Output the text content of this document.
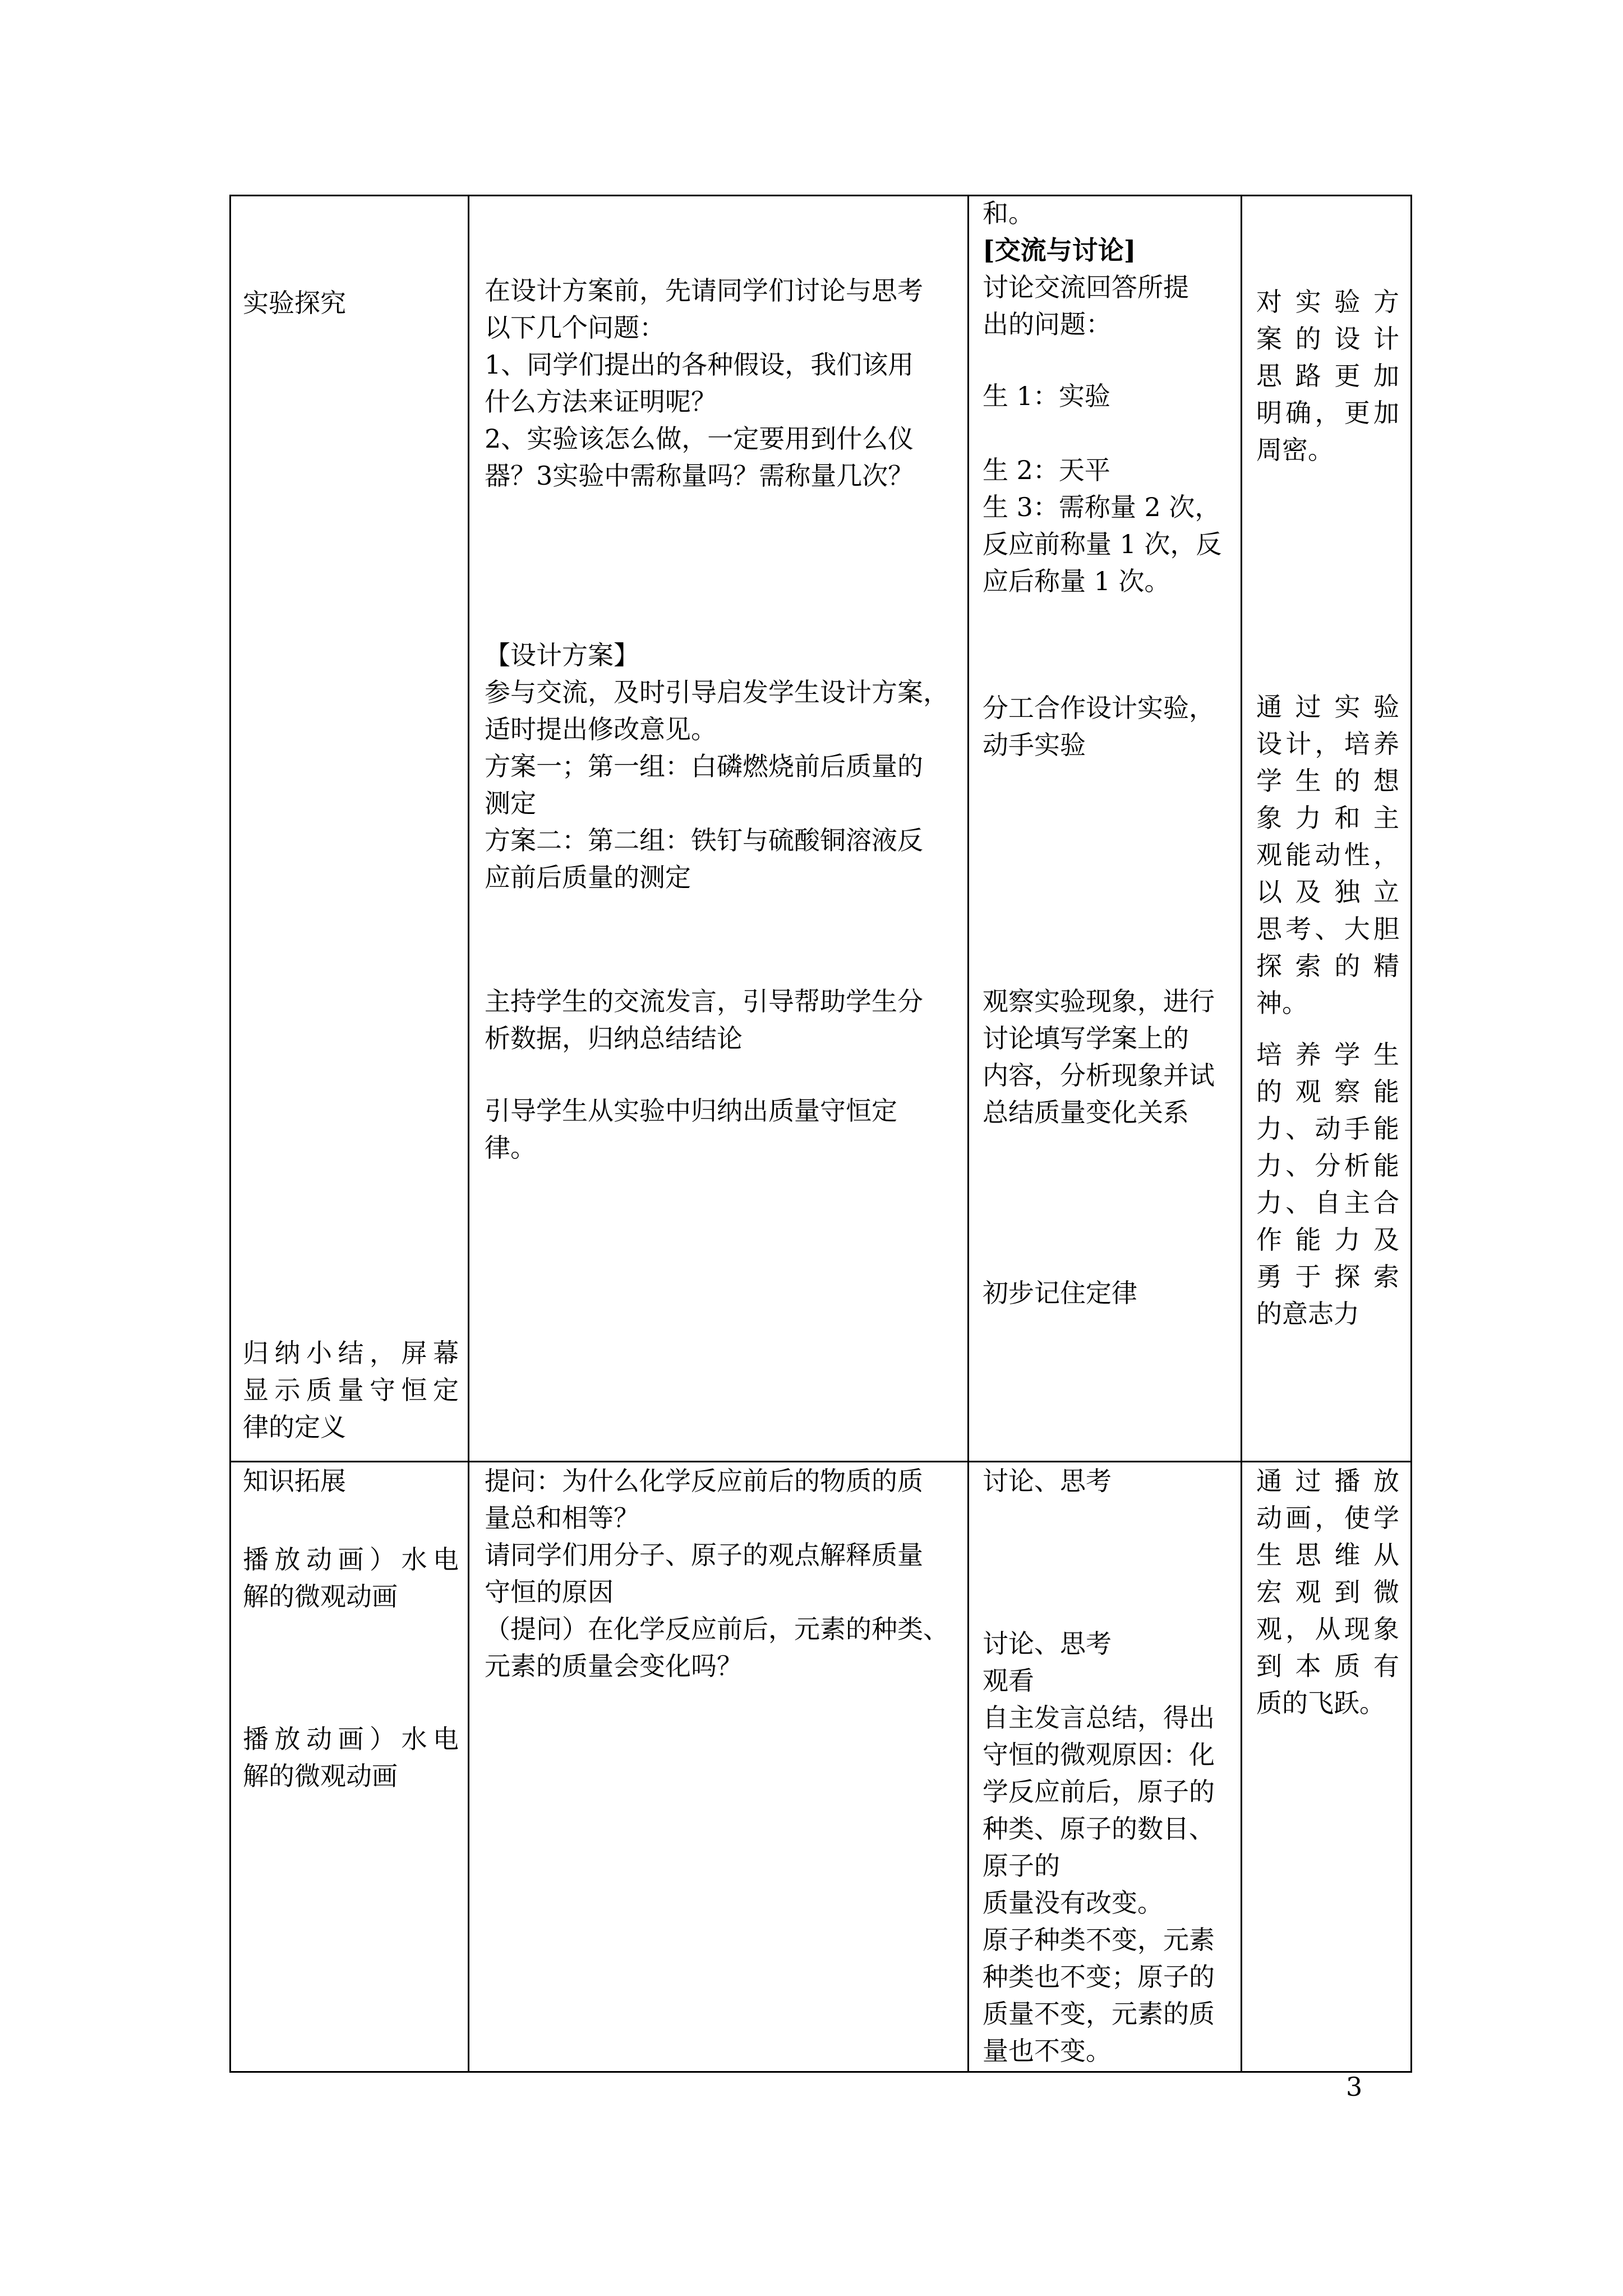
实验探究

归纳小结，屏幕

显示质量守恒定

律的定义

在设计方案前，先请同学们讨论与思考

以下几个问题：

1、同学们提出的各种假设，我们该用

什么方法来证明呢？

2、实验该怎么做，一定要用到什么仪

器？3实验中需称量吗？需称量几次？

【设计方案】

参与交流，及时引导启发学生设计方案，

适时提出修改意见。

方案一；第一组：白磷燃烧前后质量的

测定

方案二：第二组：铁钉与硫酸铜溶液反

应前后质量的测定

主持学生的交流发言，引导帮助学生分

析数据，归纳总结结论

引导学生从实验中归纳出质量守恒定

律。

和。

[交流与讨论]

讨论交流回答所提

出的问题：

生 1：实验

生 2：天平

生 3：需称量 2 次，

反应前称量 1 次，反

应后称量 1 次。

分工合作设计实验，

动手实验

观察实验现象，进行

讨论填写学案上的

内容，分析现象并试

总结质量变化关系

初步记住定律

对实验方

案的设计

思路更加

明确，更加

周密。

通过实验

设计，培养

学生的想

象力和主

观能动性，

以及独立

思考、大胆

探索的精

神。

培养学生

的观察能

力、动手能

力、分析能

力、自主合

作能力及

勇于探索

的意志力

知识拓展

播放动画）水电

解的微观动画

播放动画）水电

解的微观动画

提问：为什么化学反应前后的物质的质

量总和相等？

请同学们用分子、原子的观点解释质量

守恒的原因

（提问）在化学反应前后，元素的种类、

元素的质量会变化吗？

讨论、思考

讨论、思考

观看

自主发言总结，得出

守恒的微观原因：化

学反应前后，原子的

种类、原子的数目、

原子的

质量没有改变。

原子种类不变，元素

种类也不变；原子的

质量不变，元素的质

量也不变。

通过播放

动画，使学

生思维从

宏观到微

观，从现象

到本质有

质的飞跃。

3
